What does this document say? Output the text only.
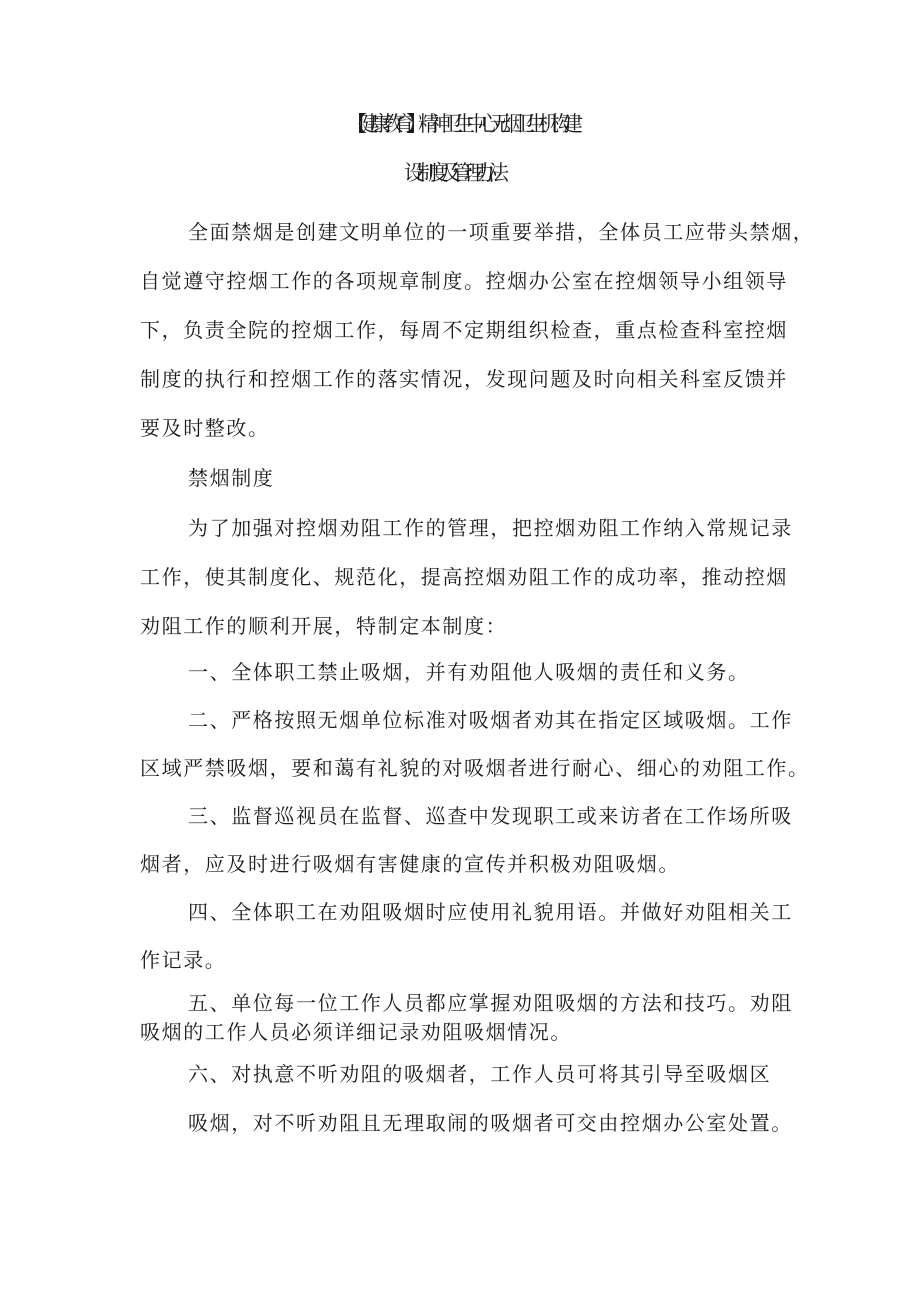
【健康教育】精神卫生中心无烟卫生机构建
设制度及管理办法
全面禁烟是创建文明单位的一项重要举措，全体员工应带头禁烟，
自觉遵守控烟工作的各项规章制度。控烟办公室在控烟领导小组领导
下，负责全院的控烟工作，每周不定期组织检查，重点检查科室控烟
制度的执行和控烟工作的落实情况，发现问题及时向相关科室反馈并
要及时整改。
禁烟制度
为了加强对控烟劝阻工作的管理，把控烟劝阻工作纳入常规记录
工作，使其制度化、规范化，提高控烟劝阻工作的成功率，推动控烟
劝阻工作的顺利开展，特制定本制度：
一、全体职工禁止吸烟，并有劝阻他人吸烟的责任和义务。
二、严格按照无烟单位标准对吸烟者劝其在指定区域吸烟。工作
区域严禁吸烟，要和蔼有礼貌的对吸烟者进行耐心、细心的劝阻工作。
三、监督巡视员在监督、巡查中发现职工或来访者在工作场所吸
烟者，应及时进行吸烟有害健康的宣传并积极劝阻吸烟。
四、全体职工在劝阻吸烟时应使用礼貌用语。并做好劝阻相关工
作记录。
五、单位每一位工作人员都应掌握劝阻吸烟的方法和技巧。劝阻
吸烟的工作人员必须详细记录劝阻吸烟情况。
六、对执意不听劝阻的吸烟者，工作人员可将其引导至吸烟区
吸烟，对不听劝阻且无理取闹的吸烟者可交由控烟办公室处置。
